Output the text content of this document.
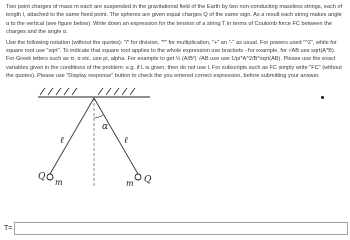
Two point charges of mass m each are suspended in the gravitational field of the Earth by two non-conducting massless strings, each of length l, attached to the same fixed point. The spheres are given equal charges Q of the same sign. As a result each string makes angle α to the vertical (see figure below). Write down an expression for the tension of a string T in terms of Coulomb force FC between the charges and the angle α.

Use the following notation (without the quotes): "/" for division, "*" for multiplication, "+" an "-" as usual. For powers used "^2", while for square root use "sqrt". To indicate that square root applies to the whole expression use brackets - for example, for √AB use sqrt(A*B). For Greek letters such as π, α etc. use pi, alpha. For example to get ½ (A/B²) √AB use use 1/pi*A^2/B^sqrt(AB). Please use the exact variables given in the conditions of the problem: e.g. if L is given, then do not use l. For subscripts such as FC simply write "FC" (without the quotes). Please use "Display response" button to check the you entered correct expression, before submitting your answer.

α
ℓ	ℓ
Q	Q
m	m
T=
